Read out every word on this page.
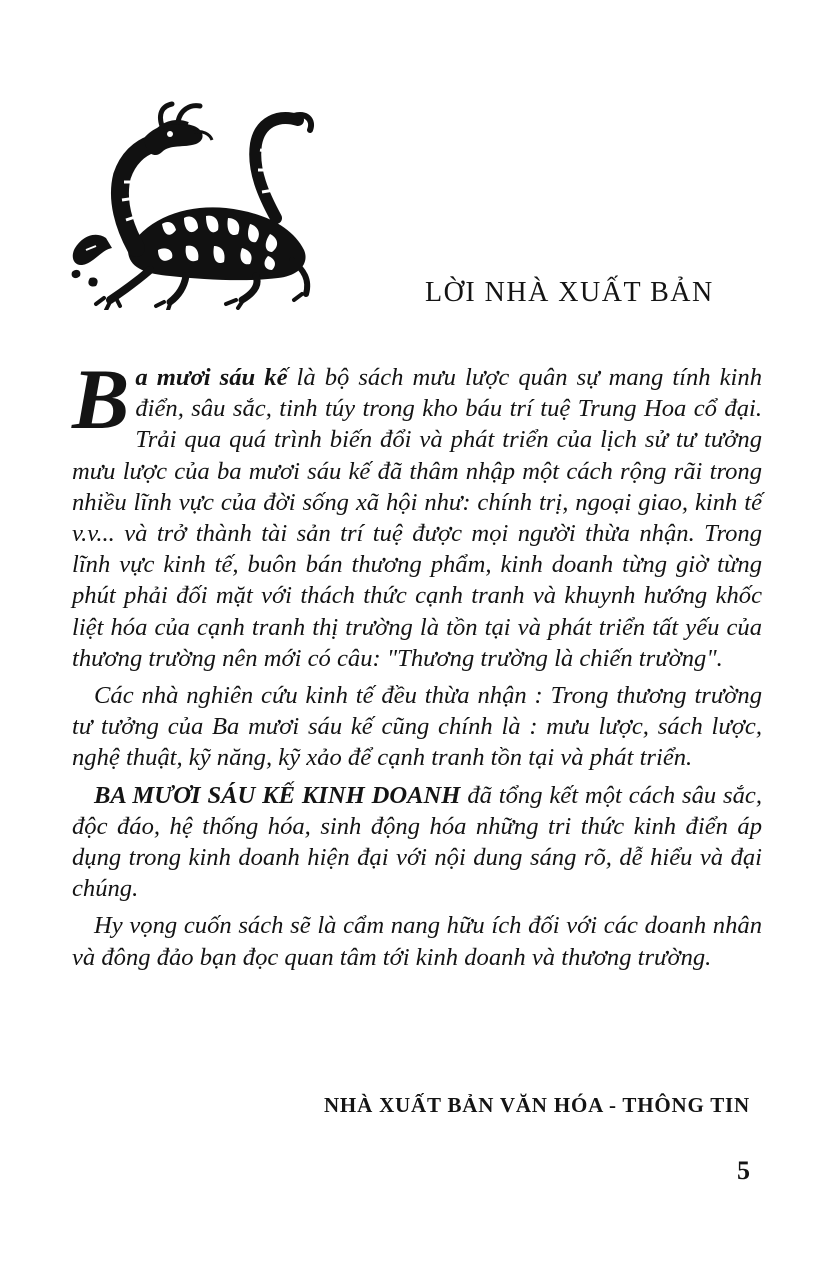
LỜI NHÀ XUẤT BẢN

Ba mươi sáu kế là bộ sách mưu lược quân sự mang tính kinh điển, sâu sắc, tinh túy trong kho báu trí tuệ Trung Hoa cổ đại. Trải qua quá trình biến đổi và phát triển của lịch sử tư tưởng mưu lược của ba mươi sáu kế đã thâm nhập một cách rộng rãi trong nhiều lĩnh vực của đời sống xã hội như: chính trị, ngoại giao, kinh tế v.v... và trở thành tài sản trí tuệ được mọi người thừa nhận. Trong lĩnh vực kinh tế, buôn bán thương phẩm, kinh doanh từng giờ từng phút phải đối mặt với thách thức cạnh tranh và khuynh hướng khốc liệt hóa của cạnh tranh thị trường là tồn tại và phát triển tất yếu của thương trường nên mới có câu: "Thương trường là chiến trường".

Các nhà nghiên cứu kinh tế đều thừa nhận : Trong thương trường tư tưởng của Ba mươi sáu kế cũng chính là : mưu lược, sách lược, nghệ thuật, kỹ năng, kỹ xảo để cạnh tranh tồn tại và phát triển.

BA MƯƠI SÁU KẾ KINH DOANH đã tổng kết một cách sâu sắc, độc đáo, hệ thống hóa, sinh động hóa những tri thức kinh điển áp dụng trong kinh doanh hiện đại với nội dung sáng rõ, dễ hiểu và đại chúng.

Hy vọng cuốn sách sẽ là cẩm nang hữu ích đối với các doanh nhân và đông đảo bạn đọc quan tâm tới kinh doanh và thương trường.

NHÀ XUẤT BẢN VĂN HÓA - THÔNG TIN
5
